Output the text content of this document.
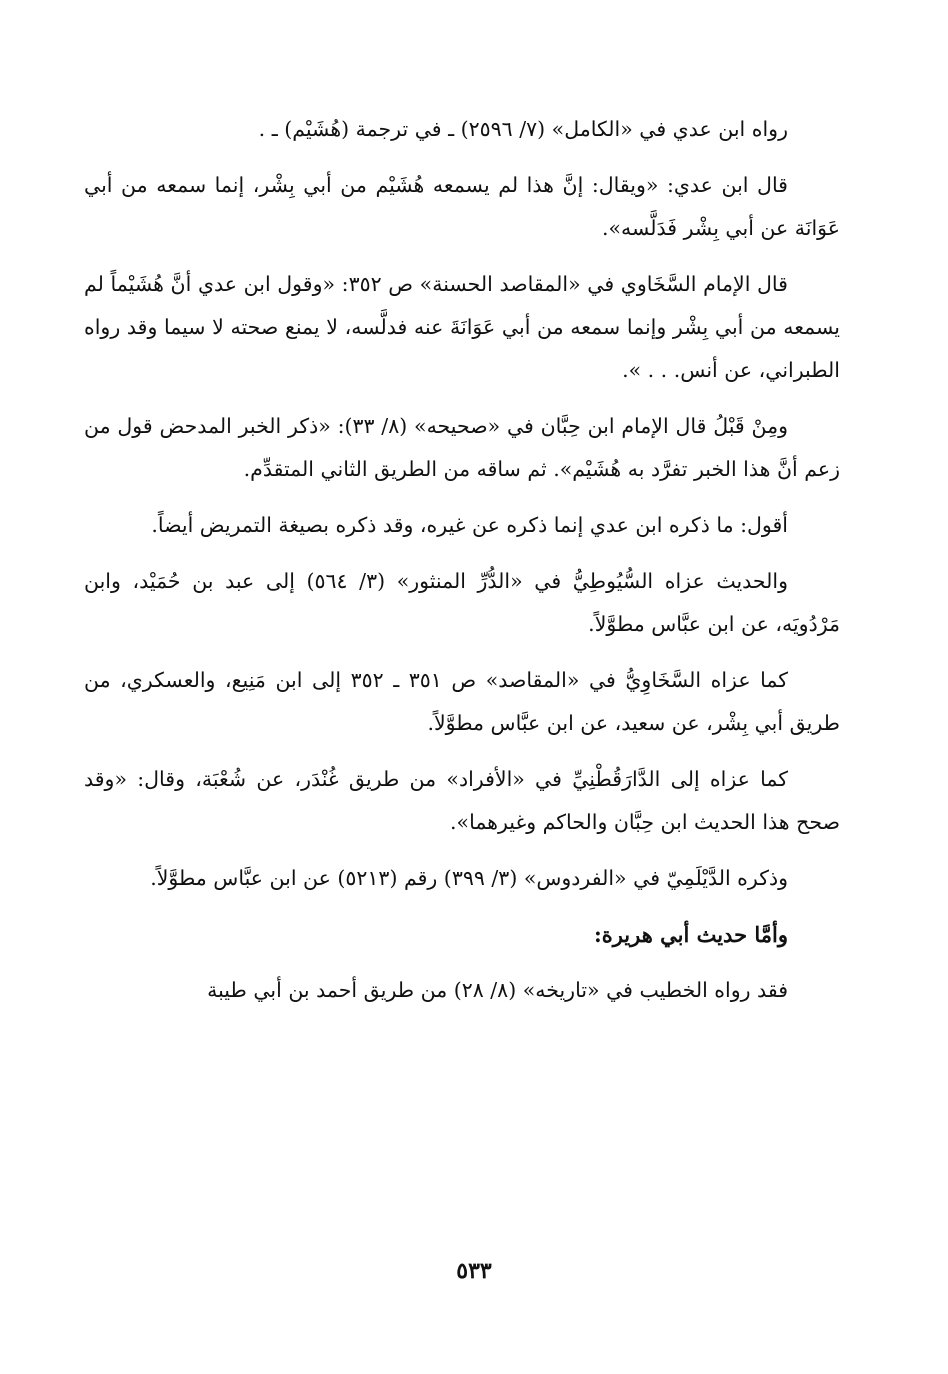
رواه ابن عدي في «الكامل» (٧/ ٢٥٩٦) ـ في ترجمة (هُشَيْم) ـ .

قال ابن عدي: «ويقال: إنَّ هذا لم يسمعه هُشَيْم من أبي بِشْر، إنما سمعه من أبي عَوَانَة عن أبي بِشْر فَدَلَّسه».

قال الإمام السَّخَاوي في «المقاصد الحسنة» ص ٣٥٢: «وقول ابن عدي أنَّ هُشَيْماً لم يسمعه من أبي بِشْر وإنما سمعه من أبي عَوَانَةَ عنه فدلَّسه، لا يمنع صحته لا سيما وقد رواه الطبراني، عن أنس. . . ».

ومِنْ قَبْلُ قال الإمام ابن حِبَّان في «صحيحه» (٨/ ٣٣): «ذكر الخبر المدحض قول من زعم أنَّ هذا الخبر تفرَّد به هُشَيْم». ثم ساقه من الطريق الثاني المتقدِّم.

أقول: ما ذكره ابن عدي إنما ذكره عن غيره، وقد ذكره بصيغة التمريض أيضاً.

والحديث عزاه السُّيُوطِيُّ في «الدُّرِّ المنثور» (٣/ ٥٦٤) إلى عبد بن حُمَيْد، وابن مَرْدُويَه، عن ابن عبَّاس مطوَّلاً.

كما عزاه السَّخَاوِيُّ في «المقاصد» ص ٣٥١ ـ ٣٥٢ إلى ابن مَنِيع، والعسكري، من طريق أبي بِشْر، عن سعيد، عن ابن عبَّاس مطوَّلاً.

كما عزاه إلى الدَّارَقُطْنِيِّ في «الأفراد» من طريق غُنْدَر، عن شُعْبَة، وقال: «وقد صحح هذا الحديث ابن حِبَّان والحاكم وغيرهما».

وذكره الدَّيْلَمِيّ في «الفردوس» (٣/ ٣٩٩) رقم (٥٢١٣) عن ابن عبَّاس مطوَّلاً.

وأمَّا حديث أبي هريرة:

فقد رواه الخطيب في «تاريخه» (٨/ ٢٨) من طريق أحمد بن أبي طيبة

٥٣٣
